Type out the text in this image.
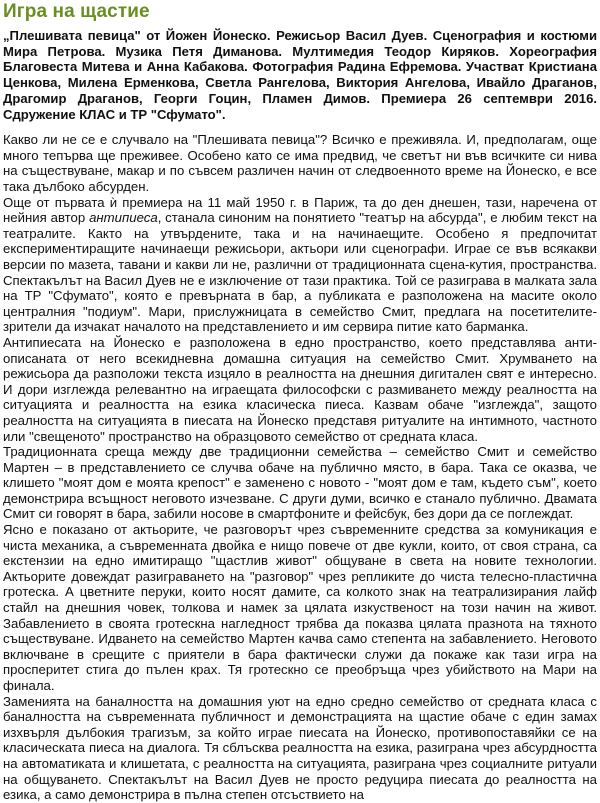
Игра на щастие

„Плешивата певица" от Йожен Йонеско. Режисьор Васил Дуев. Сценография и костюми Мира Петрова. Музика Петя Диманова. Мултимедия Теодор Киряков. Хореография Благовеста Митева и Анна Кабакова. Фотография Радина Ефремова. Участват Кристиана Ценкова, Милена Ерменкова, Светла Рангелова, Виктория Ангелова, Ивайло Драганов, Драгомир Драганов, Георги Гоцин, Пламен Димов. Премиера 26 септември 2016. Сдружение КЛАС и ТР "Сфумато".

Какво ли не се е случвало на "Плешивата певица"? Всичко е преживяла. И, предполагам, още много тепърва ще преживее. Особено като се има предвид, че светът ни във всичките си нива на съществуване, макар и по съвсем различен начин от следвоенното време на Йонеско, е все така дълбоко абсурден.

Още от първата ѝ премиера на 11 май 1950 г. в Париж, та до ден днешен, тази, наречена от нейния автор антипиеса, станала синоним на понятието "театър на абсурда", е любим текст на театралите. Както на утвърдените, така и на начинаещите. Особено я предпочитат експериментиращите начинаещи режисьори, актьори или сценографи. Играе се във всякакви версии по мазета, тавани и какви ли не, различни от традиционната сцена-кутия, пространства. Спектакълът на Васил Дуев не е изключение от тази практика. Той се разиграва в малката зала на ТР "Сфумато", която е превърната в бар, а публиката е разположена на масите около централния "подиум". Мари, прислужницата в семейство Смит, предлага на посетителите-зрители да изчакат началото на представлението и им сервира питие като барманка.

Антипиесата на Йонеско е разположена в едно пространство, което представлява анти-описаната от него всекидневна домашна ситуация на семейство Смит. Хрумването на режисьора да разположи текста изцяло в реалността на днешния дигитален свят е интересно. И дори изглежда релевантно на играещата философски с размиването между реалността на ситуацията и реалността на езика класическа пиеса. Казвам обаче "изглежда", защото реалността на ситуацията в пиесата на Йонеско представя ритуалите на интимното, частното или "свещеното" пространство на образцовото семейство от средната класа.

Традиционната среща между две традиционни семейства – семейство Смит и семейство Мартен – в представлението се случва обаче на публично място, в бара. Така се оказва, че клишето "моят дом е моята крепост" е заменено с новото - "моят дом е там, където съм", което демонстрира всъщност неговото изчезване. С други думи, всичко е станало публично. Двамата Смит си говорят в бара, забили носове в смартфоните и фейсбук, без дори да се поглеждат.

Ясно е показано от актьорите, че разговорът чрез съвременните средства за комуникация е чиста механика, а съвременната двойка е нищо повече от две кукли, които, от своя страна, са екстензии на едно имитиращо "щастлив живот" общуване в света на новите технологии. Актьорите довеждат разиграването на "разговор" чрез репликите до чиста телесно-пластична гротеска. А цветните перуки, които носят дамите, са колкото знак на театрализирания лайф стайл на днешния човек, толкова и намек за цялата изкуственост на този начин на живот. Забавлението в своята гротескна нагледност трябва да показва цялата празнота на тяхното съществуване. Идването на семейство Мартен качва само степента на забавлението. Неговото включване в срещите с приятели в бара фактически служи да покаже как тази игра на просперитет стига до пълен крах. Тя гротескно се преобръща чрез убийството на Мари на финала.

Заменията на баналността на домашния уют на едно средно семейство от средната класа с баналността на съвременната публичност и демонстрацията на щастие обаче с един замах изхвърля дълбокия трагизъм, за който играе пиесата на Йонеско, противопоставяйки се на класическата пиеса на диалога. Тя сблъсква реалността на езика, разиграна чрез абсурдността на автоматиката и клишетата, с реалността на ситуацията, разиграна чрез социалните ритуали на общуването. Спектакълът на Васил Дуев не просто редуцира пиесата до реалността на езика, а само демонстрира в пълна степен отсъствието на
